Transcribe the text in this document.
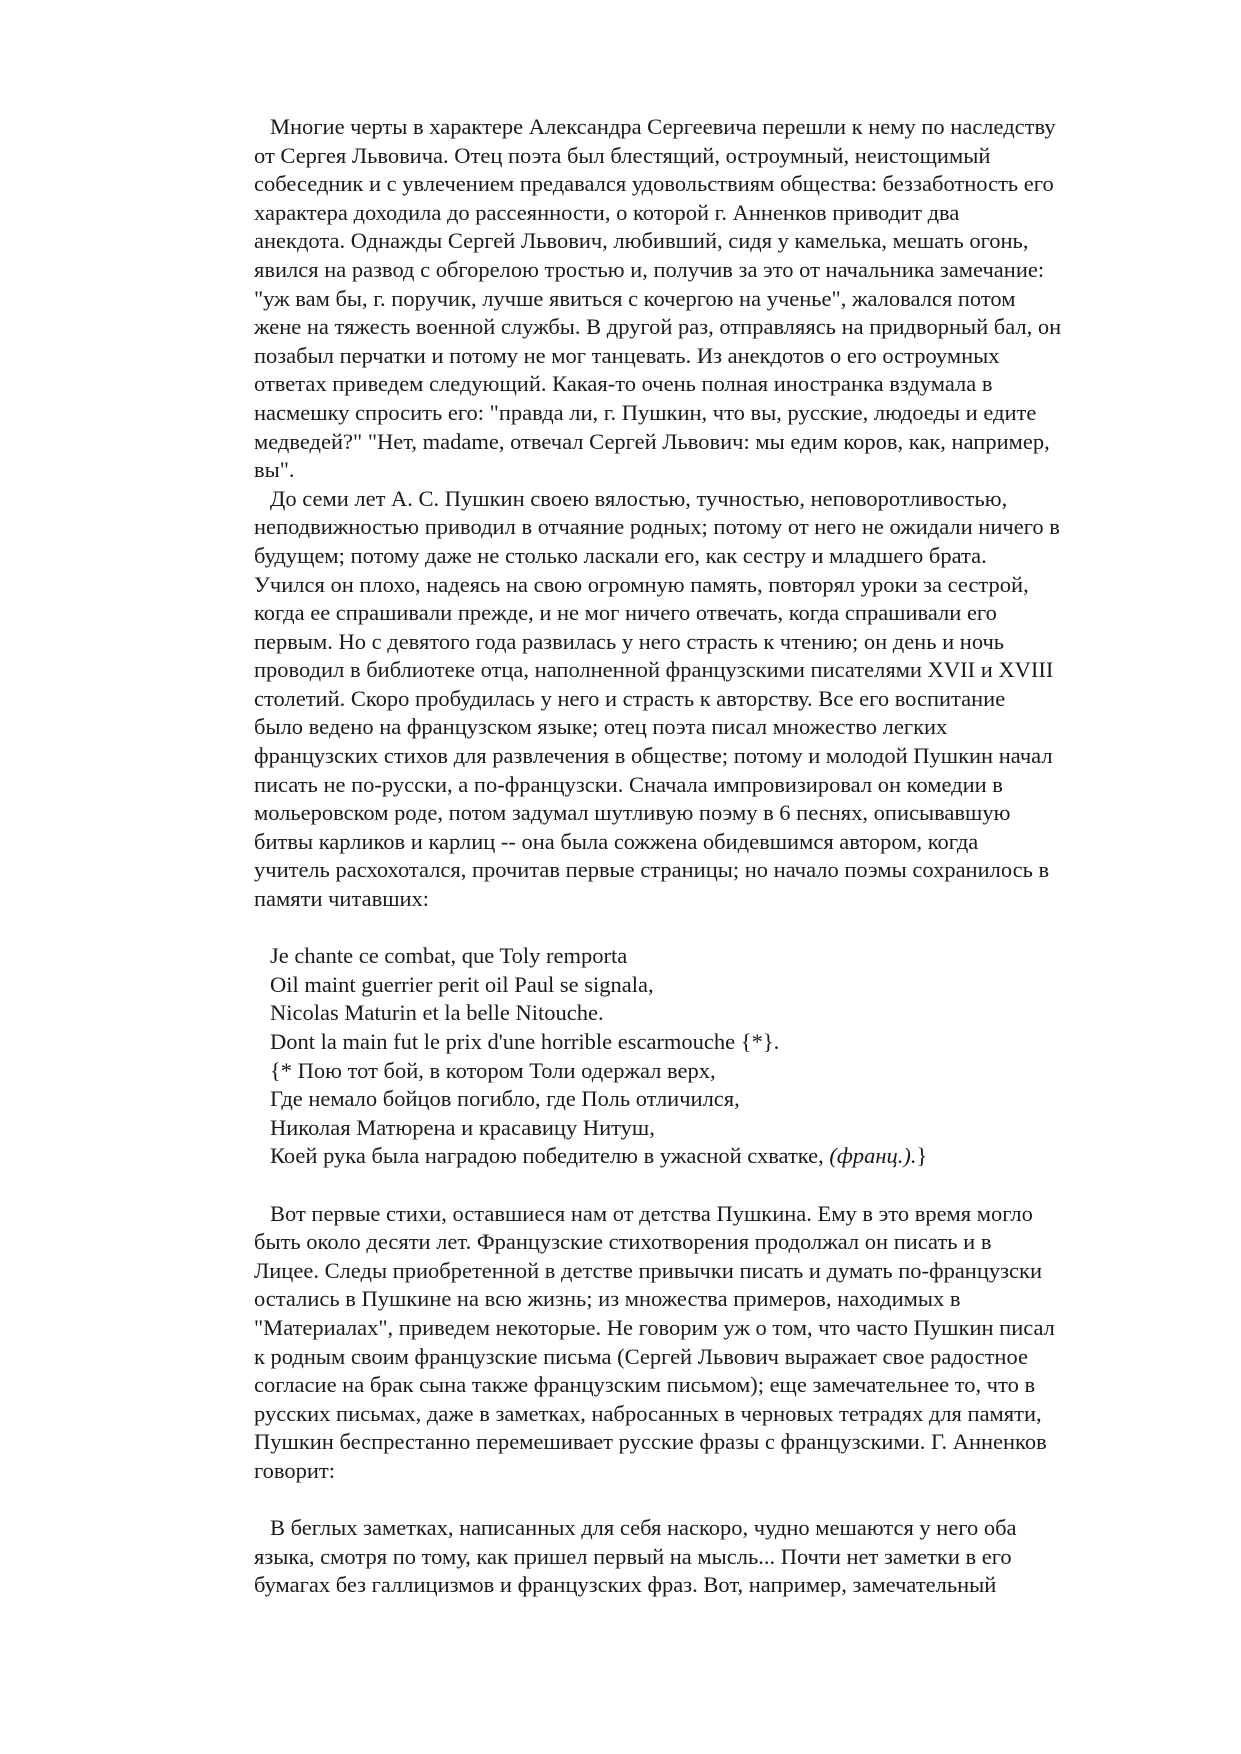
Многие черты в характере Александра Сергеевича перешли к нему по наследству
от Сергея Львовича. Отец поэта был блестящий, остроумный, неистощимый
собеседник и с увлечением предавался удовольствиям общества: беззаботность его
характера доходила до рассеянности, о которой г. Анненков приводит два
анекдота. Однажды Сергей Львович, любивший, сидя у камелька, мешать огонь,
явился на развод с обгорелою тростью и, получив за это от начальника замечание:
"уж вам бы, г. поручик, лучше явиться с кочергою на ученье", жаловался потом
жене на тяжесть военной службы. В другой раз, отправляясь на придворный бал, он
позабыл перчатки и потому не мог танцевать. Из анекдотов о его остроумных
ответах приведем следующий. Какая-то очень полная иностранка вздумала в
насмешку спросить его: "правда ли, г. Пушкин, что вы, русские, людоеды и едите
медведей?" "Нет, madame, отвечал Сергей Львович: мы едим коров, как, например,
вы".

До семи лет А. С. Пушкин своею вялостью, тучностью, неповоротливостью,
неподвижностью приводил в отчаяние родных; потому от него не ожидали ничего в
будущем; потому даже не столько ласкали его, как сестру и младшего брата.
Учился он плохо, надеясь на свою огромную память, повторял уроки за сестрой,
когда ее спрашивали прежде, и не мог ничего отвечать, когда спрашивали его
первым. Но с девятого года развилась у него страсть к чтению; он день и ночь
проводил в библиотеке отца, наполненной французскими писателями XVII и XVIII
столетий. Скоро пробудилась у него и страсть к авторству. Все его воспитание
было ведено на французском языке; отец поэта писал множество легких
французских стихов для развлечения в обществе; потому и молодой Пушкин начал
писать не по-русски, а по-французски. Сначала импровизировал он комедии в
мольеровском роде, потом задумал шутливую поэму в 6 песнях, описывавшую
битвы карликов и карлиц -- она была сожжена обидевшимся автором, когда
учитель расхохотался, прочитав первые страницы; но начало поэмы сохранилось в
памяти читавших:

Je chante ce combat, que Toly remporta
Oil maint guerrier perit oil Paul se signala,
Nicolas Maturin et la belle Nitouche.
Dont la main fut le prix d'une horrible escarmouche {*}.
{* Пою тот бой, в котором Толи одержал верх,
Где немало бойцов погибло, где Поль отличился,
Николая Матюрена и красавицу Нитуш,
Коей рука была наградою победителю в ужасной схватке, (франц.).}

Вот первые стихи, оставшиеся нам от детства Пушкина. Ему в это время могло
быть около десяти лет. Французские стихотворения продолжал он писать и в
Лицее. Следы приобретенной в детстве привычки писать и думать по-французски
остались в Пушкине на всю жизнь; из множества примеров, находимых в
"Материалах", приведем некоторые. Не говорим уж о том, что часто Пушкин писал
к родным своим французские письма (Сергей Львович выражает свое радостное
согласие на брак сына также французским письмом); еще замечательнее то, что в
русских письмах, даже в заметках, набросанных в черновых тетрадях для памяти,
Пушкин беспрестанно перемешивает русские фразы с французскими. Г. Анненков
говорит:

В беглых заметках, написанных для себя наскоро, чудно мешаются у него оба
языка, смотря по тому, как пришел первый на мысль... Почти нет заметки в его
бумагах без галлицизмов и французских фраз. Вот, например, замечательный
